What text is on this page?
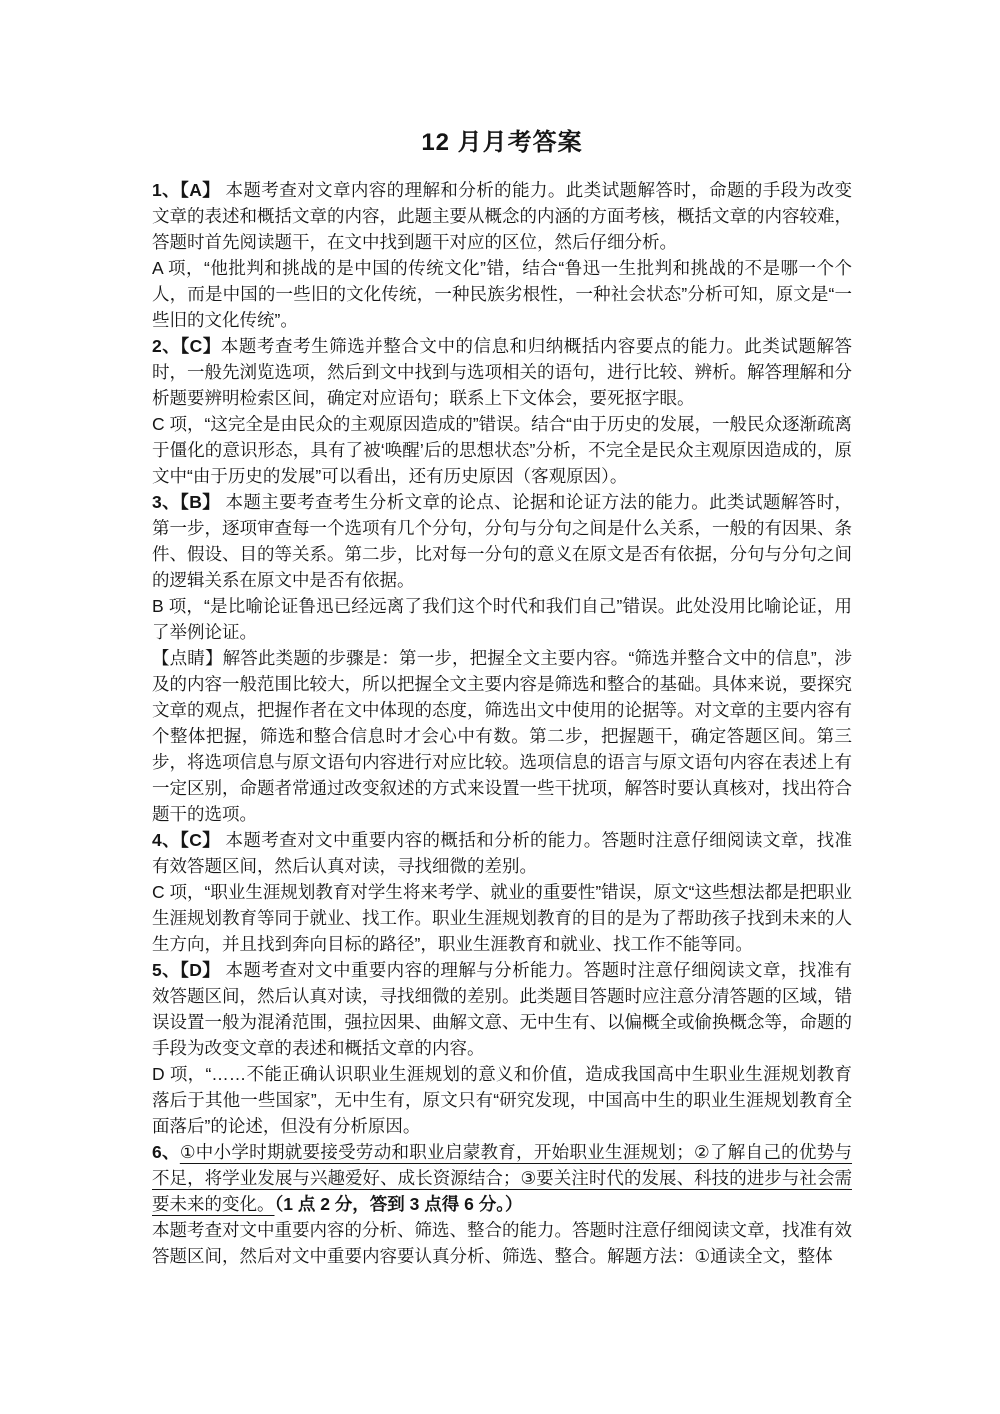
12 月月考答案

1、【A】 本题考查对文章内容的理解和分析的能力。此类试题解答时，命题的手段为改变文章的表述和概括文章的内容，此题主要从概念的内涵的方面考核，概括文章的内容较难，答题时首先阅读题干，在文中找到题干对应的区位，然后仔细分析。

A 项，“他批判和挑战的是中国的传统文化”错，结合“鲁迅一生批判和挑战的不是哪一个个人，而是中国的一些旧的文化传统，一种民族劣根性，一种社会状态”分析可知，原文是“一些旧的文化传统”。

2、【C】本题考查考生筛选并整合文中的信息和归纳概括内容要点的能力。此类试题解答时，一般先浏览选项，然后到文中找到与选项相关的语句，进行比较、辨析。解答理解和分析题要辨明检索区间，确定对应语句；联系上下文体会，要死抠字眼。

C 项，“这完全是由民众的主观原因造成的”错误。结合“由于历史的发展，一般民众逐渐疏离于僵化的意识形态，具有了被‘唤醒’后的思想状态”分析，不完全是民众主观原因造成的，原文中“由于历史的发展”可以看出，还有历史原因（客观原因）。

3、【B】 本题主要考查考生分析文章的论点、论据和论证方法的能力。此类试题解答时，第一步，逐项审查每一个选项有几个分句，分句与分句之间是什么关系，一般的有因果、条件、假设、目的等关系。第二步，比对每一分句的意义在原文是否有依据，分句与分句之间的逻辑关系在原文中是否有依据。

B 项，“是比喻论证鲁迅已经远离了我们这个时代和我们自己”错误。此处没用比喻论证，用了举例论证。

【点睛】解答此类题的步骤是：第一步，把握全文主要内容。“筛选并整合文中的信息”，涉及的内容一般范围比较大，所以把握全文主要内容是筛选和整合的基础。具体来说，要探究文章的观点，把握作者在文中体现的态度，筛选出文中使用的论据等。对文章的主要内容有个整体把握，筛选和整合信息时才会心中有数。第二步，把握题干，确定答题区间。第三步，将选项信息与原文语句内容进行对应比较。选项信息的语言与原文语句内容在表述上有一定区别，命题者常通过改变叙述的方式来设置一些干扰项，解答时要认真核对，找出符合题干的选项。

4、【C】 本题考查对文中重要内容的概括和分析的能力。答题时注意仔细阅读文章，找准有效答题区间，然后认真对读，寻找细微的差别。

C 项，“职业生涯规划教育对学生将来考学、就业的重要性”错误，原文“这些想法都是把职业生涯规划教育等同于就业、找工作。职业生涯规划教育的目的是为了帮助孩子找到未来的人生方向，并且找到奔向目标的路径”，职业生涯教育和就业、找工作不能等同。

5、【D】 本题考查对文中重要内容的理解与分析能力。答题时注意仔细阅读文章，找准有效答题区间，然后认真对读，寻找细微的差别。此类题目答题时应注意分清答题的区域，错误设置一般为混淆范围，强拉因果、曲解文意、无中生有、以偏概全或偷换概念等，命题的手段为改变文章的表述和概括文章的内容。

D 项，“……不能正确认识职业生涯规划的意义和价值，造成我国高中生职业生涯规划教育落后于其他一些国家”，无中生有，原文只有“研究发现，中国高中生的职业生涯规划教育全面落后”的论述，但没有分析原因。

6、①中小学时期就要接受劳动和职业启蒙教育，开始职业生涯规划；②了解自己的优势与不足，将学业发展与兴趣爱好、成长资源结合；③要关注时代的发展、科技的进步与社会需要未来的变化。（1 点 2 分，答到 3 点得 6 分。）

本题考查对文中重要内容的分析、筛选、整合的能力。答题时注意仔细阅读文章，找准有效答题区间，然后对文中重要内容要认真分析、筛选、整合。解题方法：①通读全文，整体
